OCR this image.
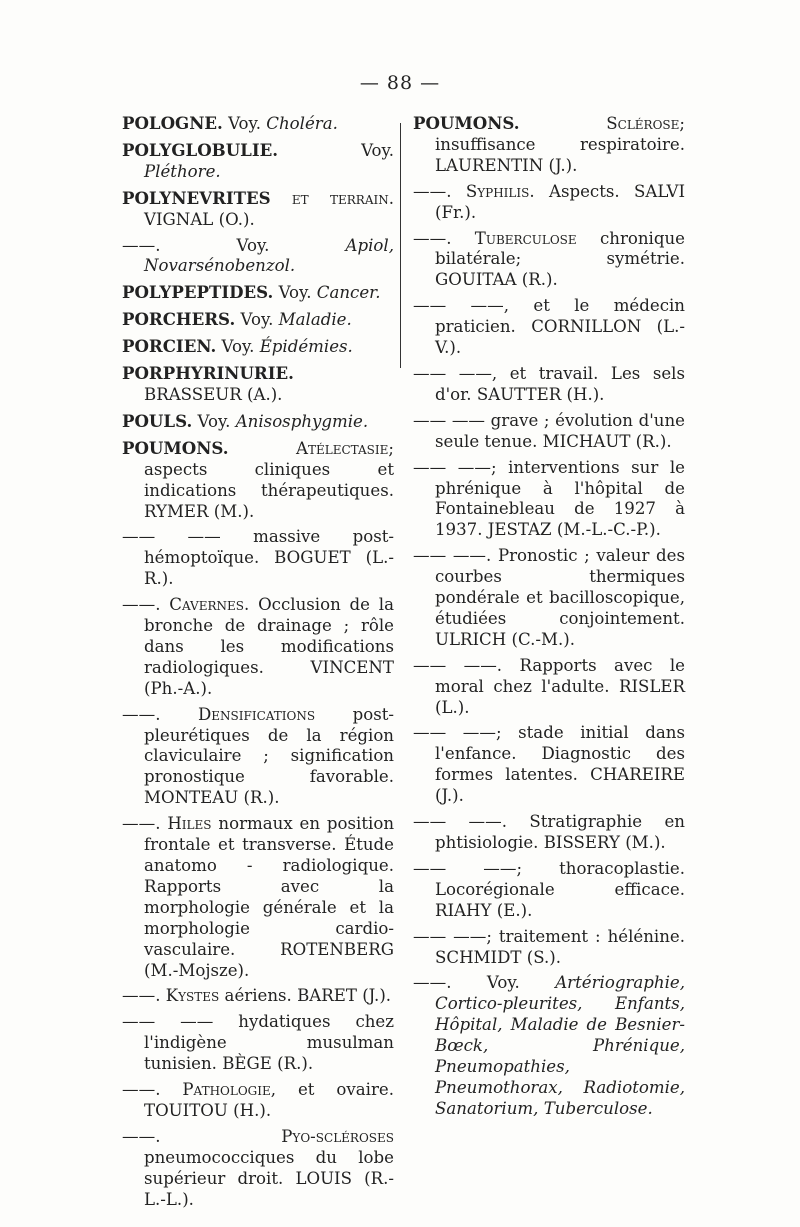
— 88 —

POLOGNE. Voy. Choléra.

POLYGLOBULIE. Voy. Pléthore.

POLYNEVRITES et terrain. VIGNAL (O.).

——. Voy. Apiol, Novarsénobenzol.

POLYPEPTIDES. Voy. Cancer.

PORCHERS. Voy. Maladie.

PORCIEN. Voy. Épidémies.

PORPHYRINURIE. BRASSEUR (A.).

POULS. Voy. Anisosphygmie.

POUMONS. Atélectasie; aspects cliniques et indications thérapeutiques. RYMER (M.).

—— —— massive post-hémoptoïque. BOGUET (L.-R.).

——. Cavernes. Occlusion de la bronche de drainage ; rôle dans les modifications radiologiques. VINCENT (Ph.-A.).

——. Densifications post-pleurétiques de la région claviculaire ; signification pronostique favorable. MONTEAU (R.).

——. Hiles normaux en position frontale et transverse. Étude anatomo - radiologique. Rapports avec la morphologie générale et la morphologie cardio-vasculaire. ROTENBERG (M.-Mojsze).

——. Kystes aériens. BARET (J.).

—— —— hydatiques chez l'indigène musulman tunisien. BÈGE (R.).

——. Pathologie, et ovaire. TOUITOU (H.).

——. Pyo-scléroses pneumococciques du lobe supérieur droit. LOUIS (R.-L.-L.).

POUMONS. Sclérose; insuffisance respiratoire. LAURENTIN (J.).

——. Syphilis. Aspects. SALVI (Fr.).

——. Tuberculose chronique bilatérale; symétrie. GOUITAA (R.).

—— ——, et le médecin praticien. CORNILLON (L.-V.).

—— ——, et travail. Les sels d'or. SAUTTER (H.).

—— —— grave ; évolution d'une seule tenue. MICHAUT (R.).

—— ——; interventions sur le phrénique à l'hôpital de Fontainebleau de 1927 à 1937. JESTAZ (M.-L.-C.-P.).

—— ——. Pronostic ; valeur des courbes thermiques pondérale et bacilloscopique, étudiées conjointement. ULRICH (C.-M.).

—— ——. Rapports avec le moral chez l'adulte. RISLER (L.).

—— ——; stade initial dans l'enfance. Diagnostic des formes latentes. CHAREIRE (J.).

—— ——. Stratigraphie en phtisiologie. BISSERY (M.).

—— ——; thoracoplastie. Locorégionale efficace. RIAHY (E.).

—— ——; traitement : hélénine. SCHMIDT (S.).

——. Voy. Artériographie, Cortico-pleurites, Enfants, Hôpital, Maladie de Besnier-Bœck, Phrénique, Pneumopathies, Pneumothorax, Radiotomie, Sanatorium, Tuberculose.
